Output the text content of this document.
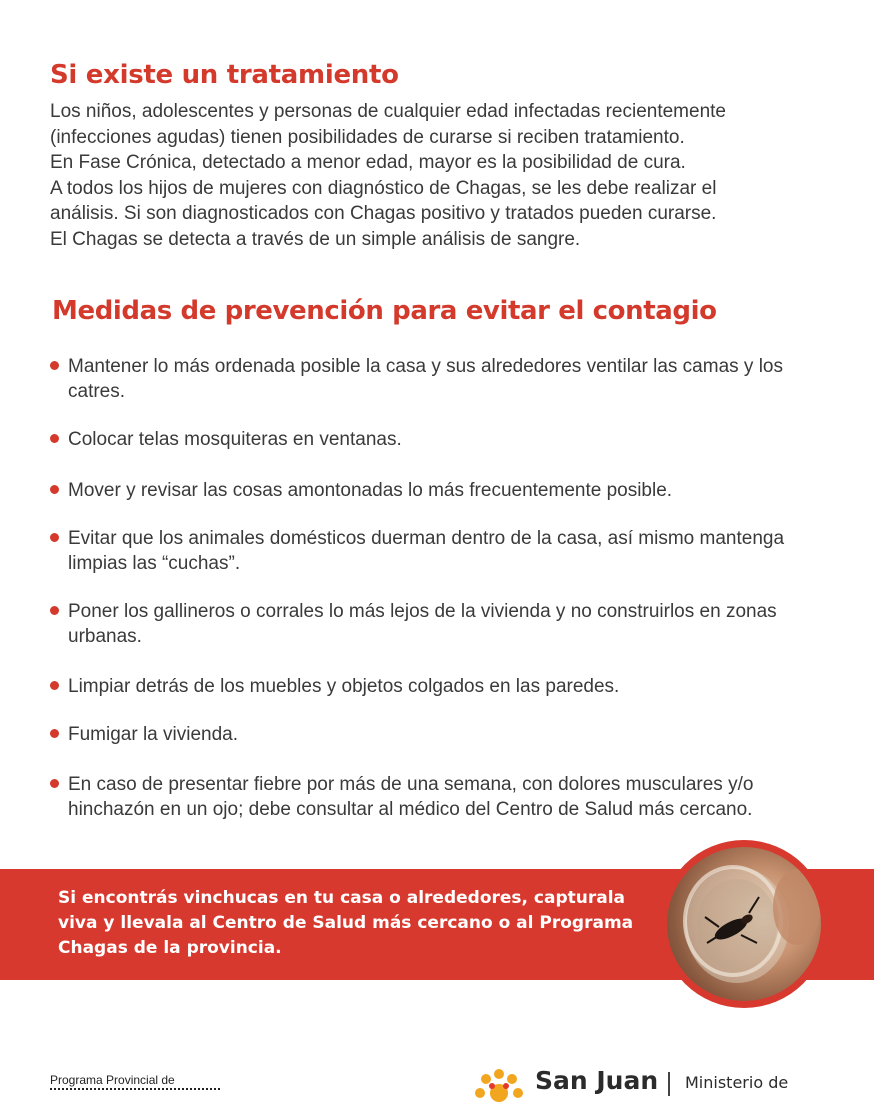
Si existe un tratamiento
Los niños, adolescentes y personas de cualquier edad infectadas recientemente
(infecciones agudas) tienen posibilidades de curarse si reciben tratamiento.
En Fase Crónica, detectado a menor edad, mayor es la posibilidad de cura.
A todos los hijos de mujeres con diagnóstico de Chagas, se les debe realizar el
análisis. Si son diagnosticados con Chagas positivo y tratados pueden curarse.
El Chagas se detecta a través de un simple análisis de sangre.
Medidas de prevención para evitar el contagio
Mantener lo más ordenada posible la casa y sus alrededores ventilar las camas y los catres.
Colocar telas mosquiteras en ventanas.
Mover y revisar las cosas amontonadas lo más frecuentemente posible.
Evitar que los animales domésticos duerman dentro de la casa, así mismo mantenga limpias las “cuchas”.
Poner los gallineros o corrales lo más lejos de la vivienda y no construirlos en zonas urbanas.
Limpiar detrás de los muebles y objetos colgados en las paredes.
Fumigar la vivienda.
En caso de presentar fiebre por más de una semana, con dolores musculares y/o hinchazón en un ojo; debe consultar al médico del Centro de Salud más cercano.
Si encontrás vinchucas en tu casa o alrededores, capturala
viva y llevala al Centro de Salud más cercano o al Programa
Chagas de la provincia.
Programa Provincial de	San Juan Ministerio de
